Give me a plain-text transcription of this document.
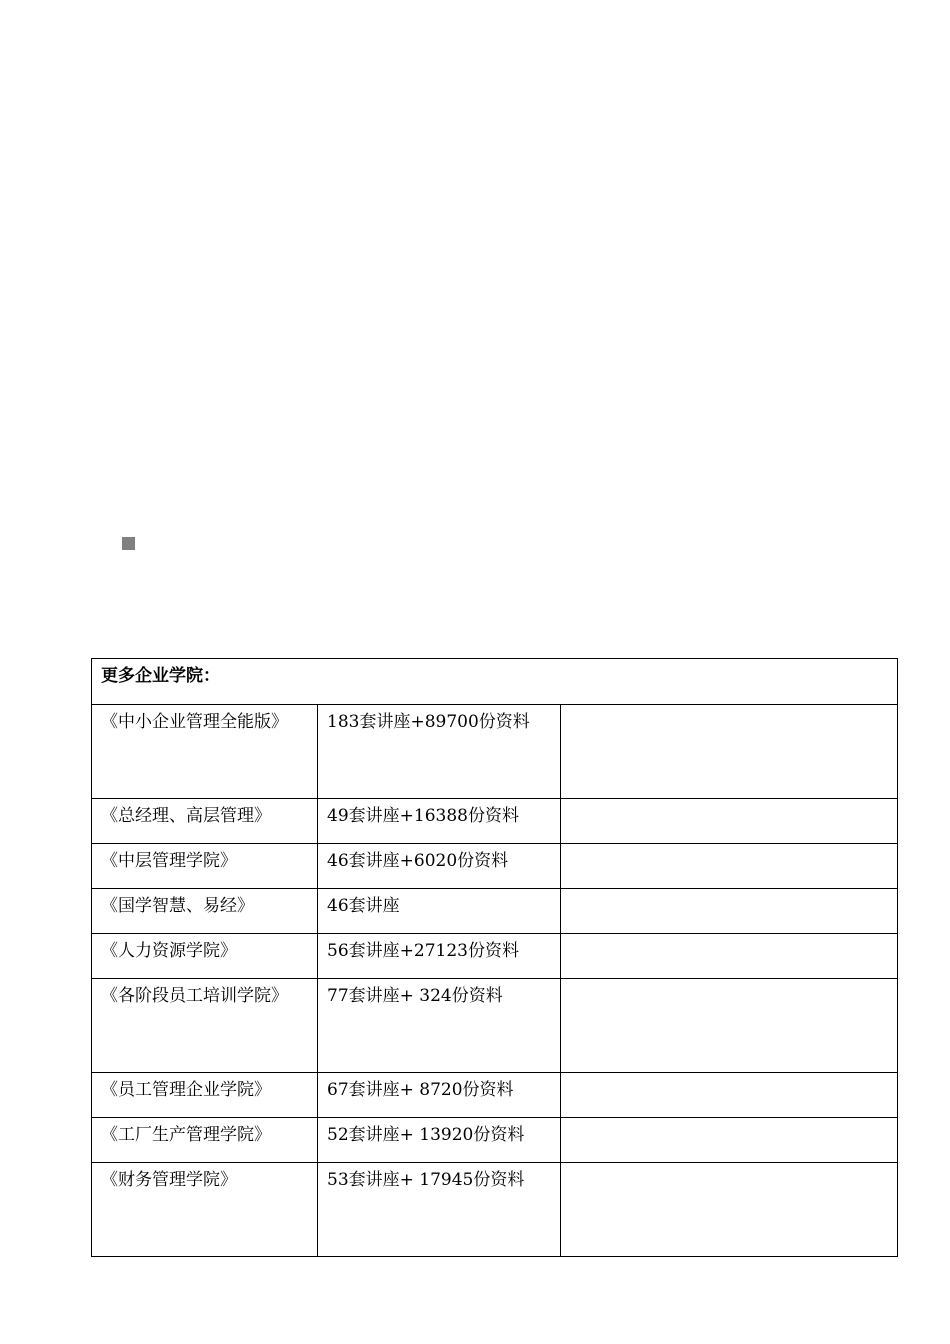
更多企业学院：		

《中小企业管理全能版》	183套讲座+89700份资料	

《总经理、高层管理》	49套讲座+16388份资料	

《中层管理学院》	46套讲座+6020份资料	

《国学智慧、易经》	46套讲座	

《人力资源学院》	56套讲座+27123份资料	

《各阶段员工培训学院》	77套讲座+ 324份资料	

《员工管理企业学院》	67套讲座+ 8720份资料	

《工厂生产管理学院》	52套讲座+ 13920份资料	

《财务管理学院》	53套讲座+ 17945份资料	
